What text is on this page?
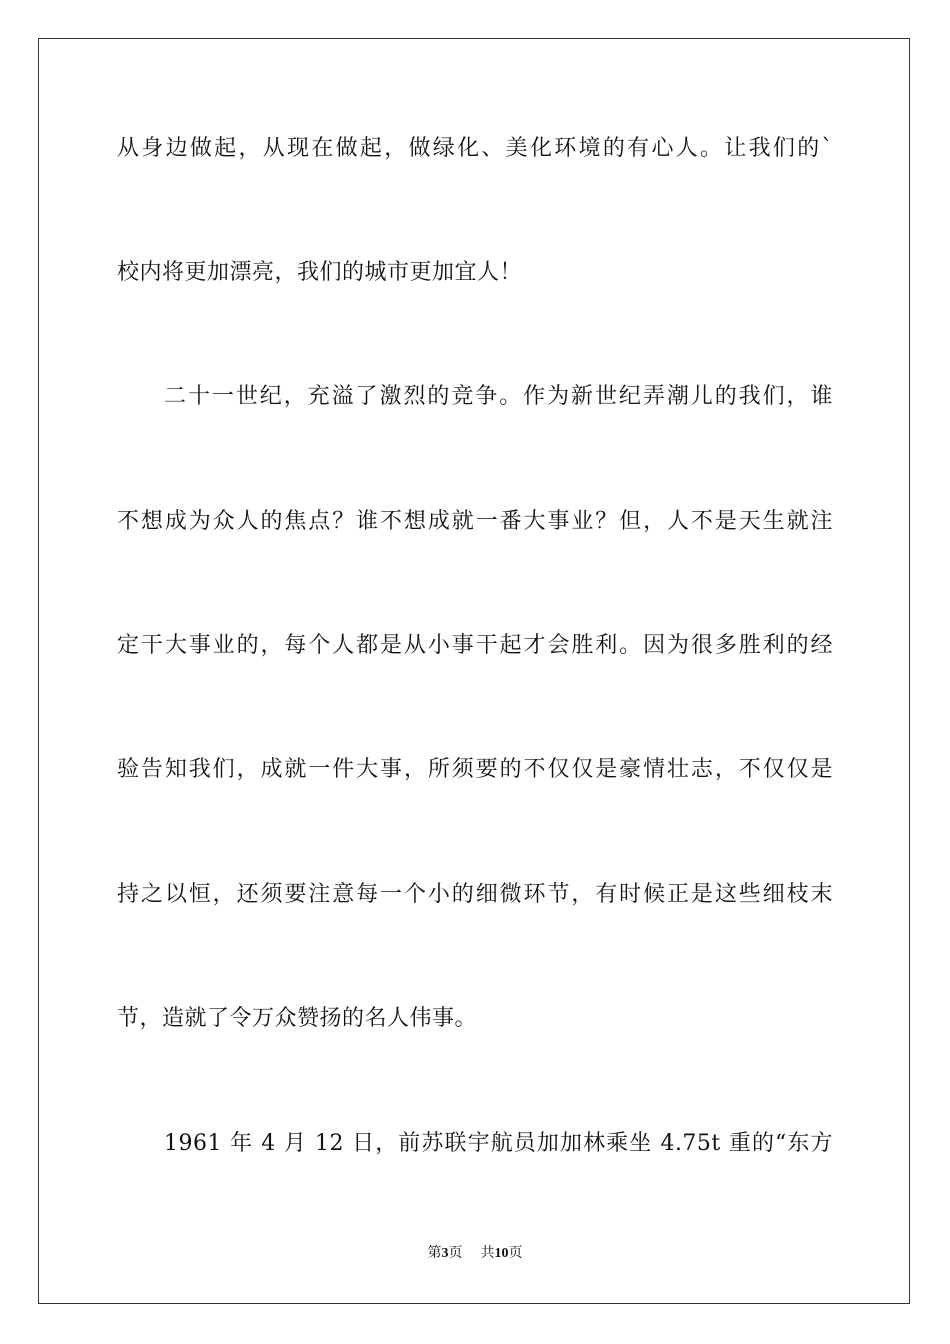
从身边做起，从现在做起，做绿化、美化环境的有心人。让我们的`
校内将更加漂亮，我们的城市更加宜人！
二十一世纪，充溢了激烈的竞争。作为新世纪弄潮儿的我们，谁
不想成为众人的焦点？谁不想成就一番大事业？但，人不是天生就注
定干大事业的，每个人都是从小事干起才会胜利。因为很多胜利的经
验告知我们，成就一件大事，所须要的不仅仅是豪情壮志，不仅仅是
持之以恒，还须要注意每一个小的细微环节，有时候正是这些细枝末
节，造就了令万众赞扬的名人伟事。
1961 年 4 月 12 日，前苏联宇航员加加林乘坐 4.75t 重的“东方
第3页 共10页
